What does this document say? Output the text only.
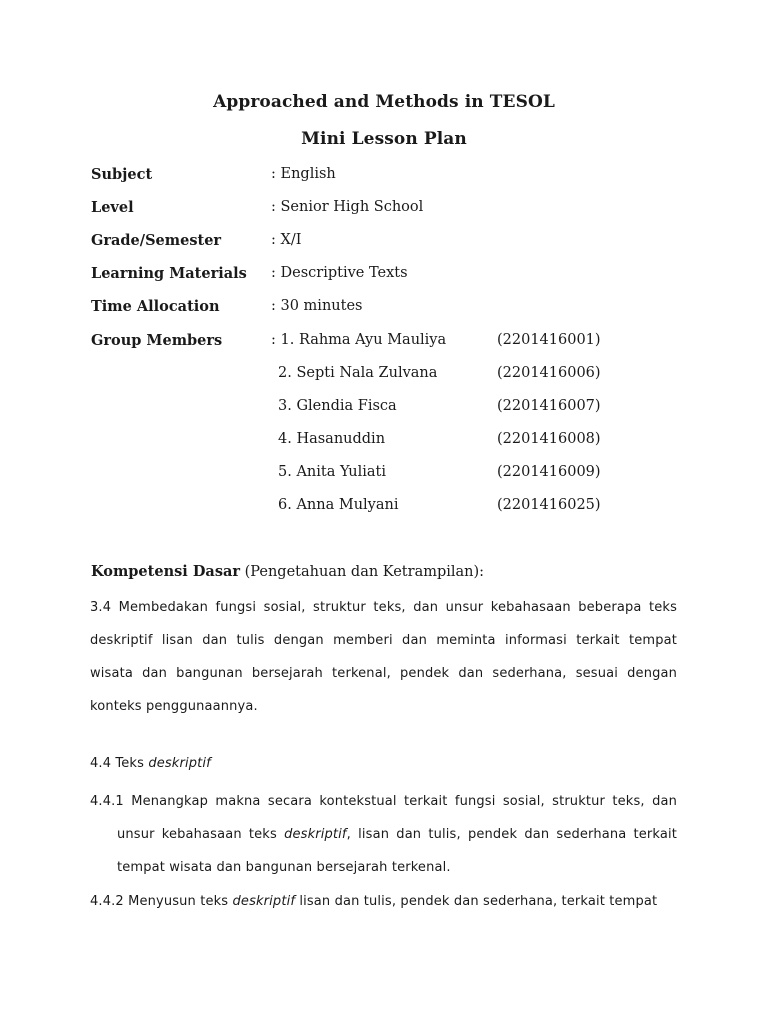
Approached and Methods in TESOL
Mini Lesson Plan
Subject	: English
Level	: Senior High School
Grade/Semester	: X/I
Learning Materials : Descriptive Texts
Time Allocation	: 30 minutes
Group Members	: 1. Rahma Ayu Mauliya	(2201416001)
2. Septi Nala Zulvana	(2201416006)
3. Glendia Fisca	(2201416007)
4. Hasanuddin	(2201416008)
5. Anita Yuliati	(2201416009)
6. Anna Mulyani	(2201416025)
Kompetensi Dasar (Pengetahuan dan Ketrampilan):
3.4 Membedakan fungsi sosial, struktur teks, dan unsur kebahasaan beberapa teks
deskriptif lisan dan tulis dengan memberi dan meminta informasi terkait tempat
wisata dan bangunan bersejarah terkenal, pendek dan sederhana, sesuai dengan
konteks penggunaannya.
4.4 Teks deskriptif
4.4.1 Menangkap makna secara kontekstual terkait fungsi sosial, struktur teks, dan
unsur kebahasaan teks deskriptif, lisan dan tulis, pendek dan sederhana terkait
tempat wisata dan bangunan bersejarah terkenal.
4.4.2 Menyusun teks deskriptif lisan dan tulis, pendek dan sederhana, terkait tempat
